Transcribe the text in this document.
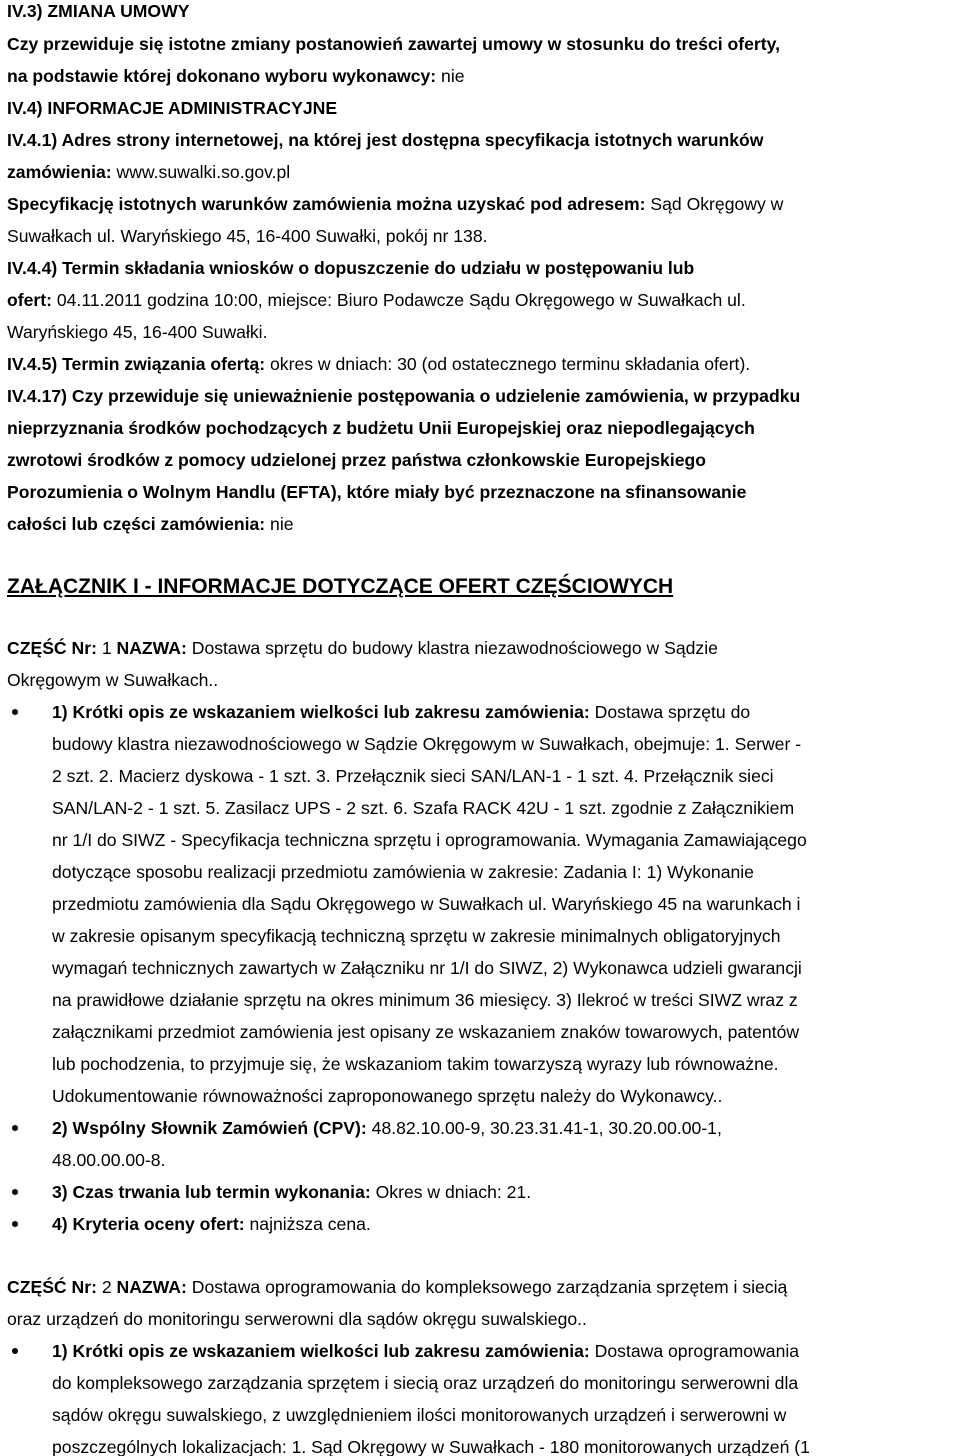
IV.3) ZMIANA UMOWY
Czy przewiduje się istotne zmiany postanowień zawartej umowy w stosunku do treści oferty,
na podstawie której dokonano wyboru wykonawcy: nie
IV.4) INFORMACJE ADMINISTRACYJNE
IV.4.1) Adres strony internetowej, na której jest dostępna specyfikacja istotnych warunków
zamówienia: www.suwalki.so.gov.pl
Specyfikację istotnych warunków zamówienia można uzyskać pod adresem: Sąd Okręgowy w
Suwałkach ul. Waryńskiego 45, 16-400 Suwałki, pokój nr 138.
IV.4.4) Termin składania wniosków o dopuszczenie do udziału w postępowaniu lub
ofert: 04.11.2011 godzina 10:00, miejsce: Biuro Podawcze Sądu Okręgowego w Suwałkach ul.
Waryńskiego 45, 16-400 Suwałki.
IV.4.5) Termin związania ofertą: okres w dniach: 30 (od ostatecznego terminu składania ofert).
IV.4.17) Czy przewiduje się unieważnienie postępowania o udzielenie zamówienia, w przypadku
nieprzyznania środków pochodzących z budżetu Unii Europejskiej oraz niepodlegających
zwrotowi środków z pomocy udzielonej przez państwa członkowskie Europejskiego
Porozumienia o Wolnym Handlu (EFTA), które miały być przeznaczone na sfinansowanie
całości lub części zamówienia: nie
ZAŁĄCZNIK I - INFORMACJE DOTYCZĄCE OFERT CZĘŚCIOWYCH
CZĘŚĆ Nr: 1 NAZWA: Dostawa sprzętu do budowy klastra niezawodnościowego w Sądzie
Okręgowym w Suwałkach..
1) Krótki opis ze wskazaniem wielkości lub zakresu zamówienia: Dostawa sprzętu do
budowy klastra niezawodnościowego w Sądzie Okręgowym w Suwałkach, obejmuje: 1. Serwer -
2 szt. 2. Macierz dyskowa - 1 szt. 3. Przełącznik sieci SAN/LAN-1 - 1 szt. 4. Przełącznik sieci
SAN/LAN-2 - 1 szt. 5. Zasilacz UPS - 2 szt. 6. Szafa RACK 42U - 1 szt. zgodnie z Załącznikiem
nr 1/I do SIWZ - Specyfikacja techniczna sprzętu i oprogramowania. Wymagania Zamawiającego
dotyczące sposobu realizacji przedmiotu zamówienia w zakresie: Zadania I: 1) Wykonanie
przedmiotu zamówienia dla Sądu Okręgowego w Suwałkach ul. Waryńskiego 45 na warunkach i
w zakresie opisanym specyfikacją techniczną sprzętu w zakresie minimalnych obligatoryjnych
wymagań technicznych zawartych w Załączniku nr 1/I do SIWZ, 2) Wykonawca udzieli gwarancji
na prawidłowe działanie sprzętu na okres minimum 36 miesięcy. 3) Ilekroć w treści SIWZ wraz z
załącznikami przedmiot zamówienia jest opisany ze wskazaniem znaków towarowych, patentów
lub pochodzenia, to przyjmuje się, że wskazaniom takim towarzyszą wyrazy lub równoważne.
Udokumentowanie równoważności zaproponowanego sprzętu należy do Wykonawcy..
2) Wspólny Słownik Zamówień (CPV): 48.82.10.00-9, 30.23.31.41-1, 30.20.00.00-1,
48.00.00.00-8.
3) Czas trwania lub termin wykonania: Okres w dniach: 21.
4) Kryteria oceny ofert: najniższa cena.
CZĘŚĆ Nr: 2 NAZWA: Dostawa oprogramowania do kompleksowego zarządzania sprzętem i siecią
oraz urządzeń do monitoringu serwerowni dla sądów okręgu suwalskiego..
1) Krótki opis ze wskazaniem wielkości lub zakresu zamówienia: Dostawa oprogramowania
do kompleksowego zarządzania sprzętem i siecią oraz urządzeń do monitoringu serwerowni dla
sądów okręgu suwalskiego, z uwzględnieniem ilości monitorowanych urządzeń i serwerowni w
poszczególnych lokalizacjach: 1. Sąd Okręgowy w Suwałkach - 180 monitorowanych urządzeń (1
